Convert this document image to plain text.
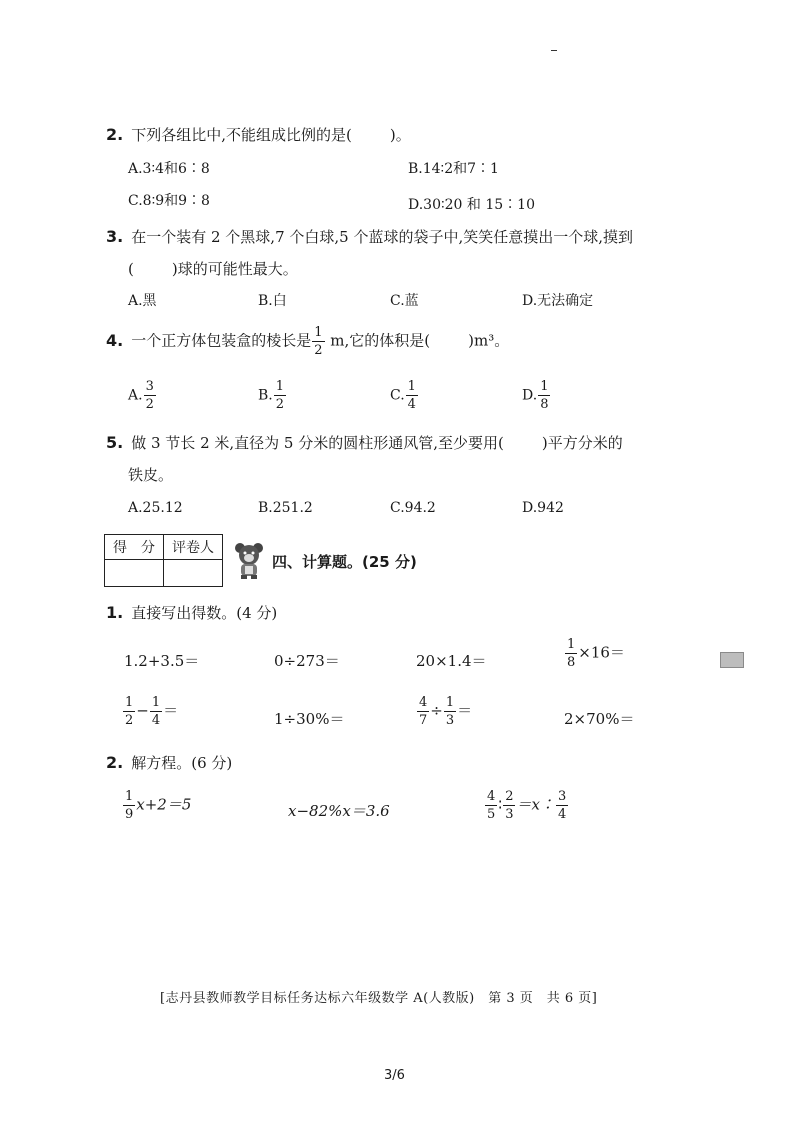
2. 下列各组比中,不能组成比例的是(	)。
A.3∶4和6∶8	B.14∶2和7∶1
C.8∶9和9∶8	D.30∶20 和 15∶10
3. 在一个装有 2 个黑球,7 个白球,5 个蓝球的袋子中,笑笑任意摸出一个球,摸到
(	)球的可能性最大。
A.黑	B.白	C.蓝	D.无法确定
4. 一个正方体包装盒的棱长是 $\frac{1}{2} m$,它的体积是(	)m³。
A. $\frac{3}{2}$	B. $\frac{1}{2}$	C. $\frac{1}{4}$	D. $\frac{1}{8}$
5. 做 3 节长 2 米,直径为 5 分米的圆柱形通风管,至少要用(	)平方分米的
铁皮。
A.25.12	B.251.2	C.94.2	D.942
得　分	评卷人

四、计算题。(25 分)
1. 直接写出得数。(4 分)
1.2+3.5＝	0÷273＝	20×1.4＝	$\frac{1}{8} \times 16=$
$\frac{1}{2} - \frac{1}{4}$ ＝	1÷30%＝	$\frac{4}{7} \div \frac{1}{3}$ ＝	2×70%＝
2. 解方程。(6 分)
$\frac{1}{9} x+2=5$	x−82%x＝3.6	$\frac{4}{5}$ ∶ $\frac{2}{3}$ ＝x∶ $\frac{3}{4}$
[志丹县教师教学目标任务达标六年级数学 A(人教版)　第 3 页　共 6 页]
3/6
